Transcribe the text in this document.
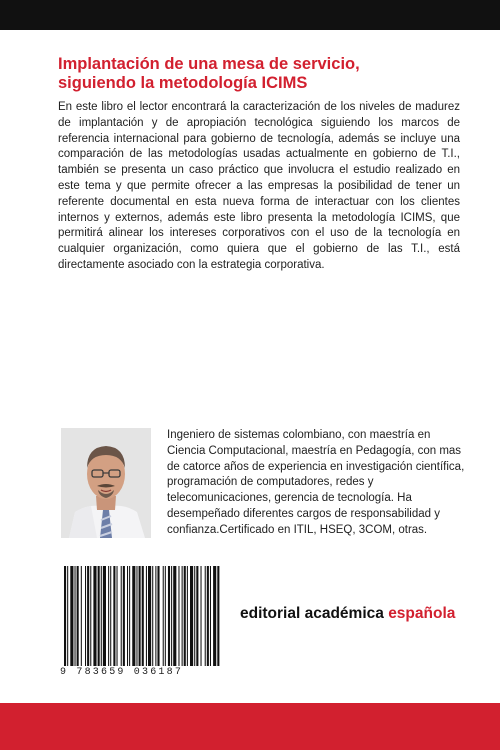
Implantación de una mesa de servicio,
siguiendo la metodología ICIMS

En este libro el lector encontrará la caracterización de los niveles de madurez de implantación y de apropiación tecnológica siguiendo los marcos de referencia internacional para gobierno de tecnología, además se incluye una comparación de las metodologías usadas actualmente en gobierno de T.I., también se presenta un caso práctico que involucra el estudio realizado en este tema y que permite ofrecer a las empresas la posibilidad de tener un referente documental en esta nueva forma de interactuar con los clientes internos y externos, además este libro presenta la metodología ICIMS, que permitirá alinear los intereses corporativos con el uso de la tecnología en cualquier organización, como quiera que el gobierno de las T.I., está directamente asociado con la estrategia corporativa.

Ingeniero de sistemas colombiano, con maestría en Ciencia Computacional, maestría en Pedagogía, con mas de catorce años de experiencia en investigación científica, programación de computadores, redes y telecomunicaciones, gerencia de tecnología. Ha desempeñado diferentes cargos de responsabilidad y confianza.Certificado en ITIL, HSEQ, 3COM, otras.

9 783659 036187
editorial académica española
